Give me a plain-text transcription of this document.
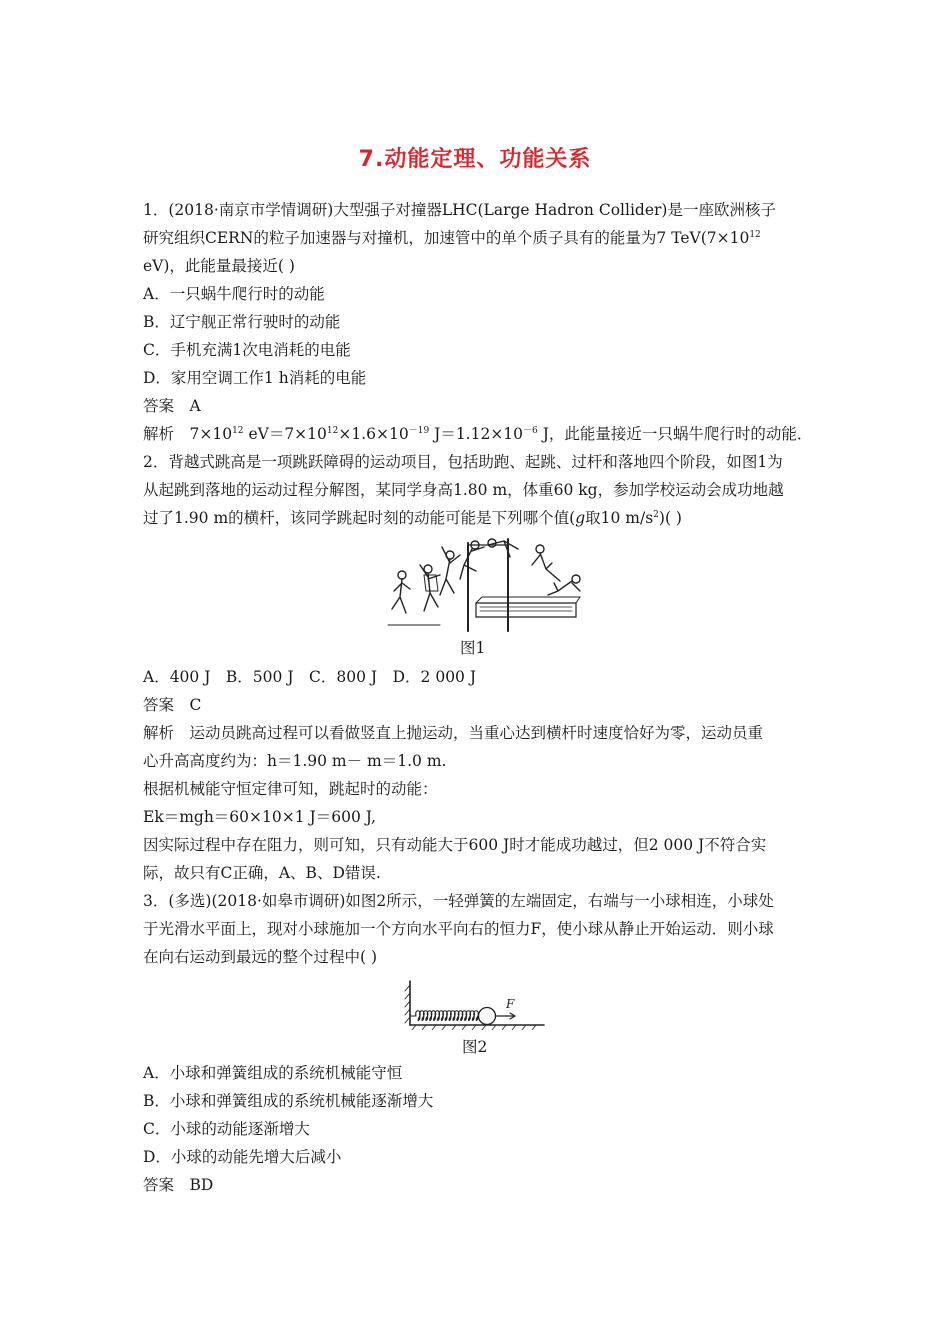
7.动能定理、功能关系
1．(2018·南京市学情调研)大型强子对撞器LHC(Large Hadron Collider)是一座欧洲核子
研究组织CERN的粒子加速器与对撞机，加速管中的单个质子具有的能量为7 $TeV(7\times 10^{12}$
eV)，此能量最接近( )
A．一只蜗牛爬行时的动能
B．辽宁舰正常行驶时的动能
C．手机充满1次电消耗的电能
D．家用空调工作1 h消耗的电能
答案　A
解析　$7\times 10^{12}$ $eV=7\times 10^{12}\times 1.6\times 10^{-19}$ $J=1.12\times 10^{-6}$ J，此能量接近一只蜗牛爬行时的动能．
2．背越式跳高是一项跳跃障碍的运动项目，包括助跑、起跳、过杆和落地四个阶段，如图1为
从起跳到落地的运动过程分解图，某同学身高1.80 m，体重60 kg，参加学校运动会成功地越
过了1.90 m的横杆，该同学跳起时刻的动能可能是下列哪个值(g取10 $m/s^2$)( )
图1
A．400 J　B．500 J　C．800 J　D．2 000 J
答案　C
解析　运动员跳高过程可以看做竖直上抛运动，当重心达到横杆时速度恰好为零，运动员重
心升高高度约为：h＝1.90 m－ m＝1.0 m.
根据机械能守恒定律可知，跳起时的动能：
Ek＝mgh＝60×10×1 J＝600 J,
因实际过程中存在阻力，则可知，只有动能大于600 J时才能成功越过，但2 000 J不符合实
际，故只有C正确，A、B、D错误.
3．(多选)(2018·如皋市调研)如图2所示，一轻弹簧的左端固定，右端与一小球相连，小球处
于光滑水平面上，现对小球施加一个方向水平向右的恒力F，使小球从静止开始运动．则小球
在向右运动到最远的整个过程中( )
F
图2
A．小球和弹簧组成的系统机械能守恒
B．小球和弹簧组成的系统机械能逐渐增大
C．小球的动能逐渐增大
D．小球的动能先增大后减小
答案　BD
